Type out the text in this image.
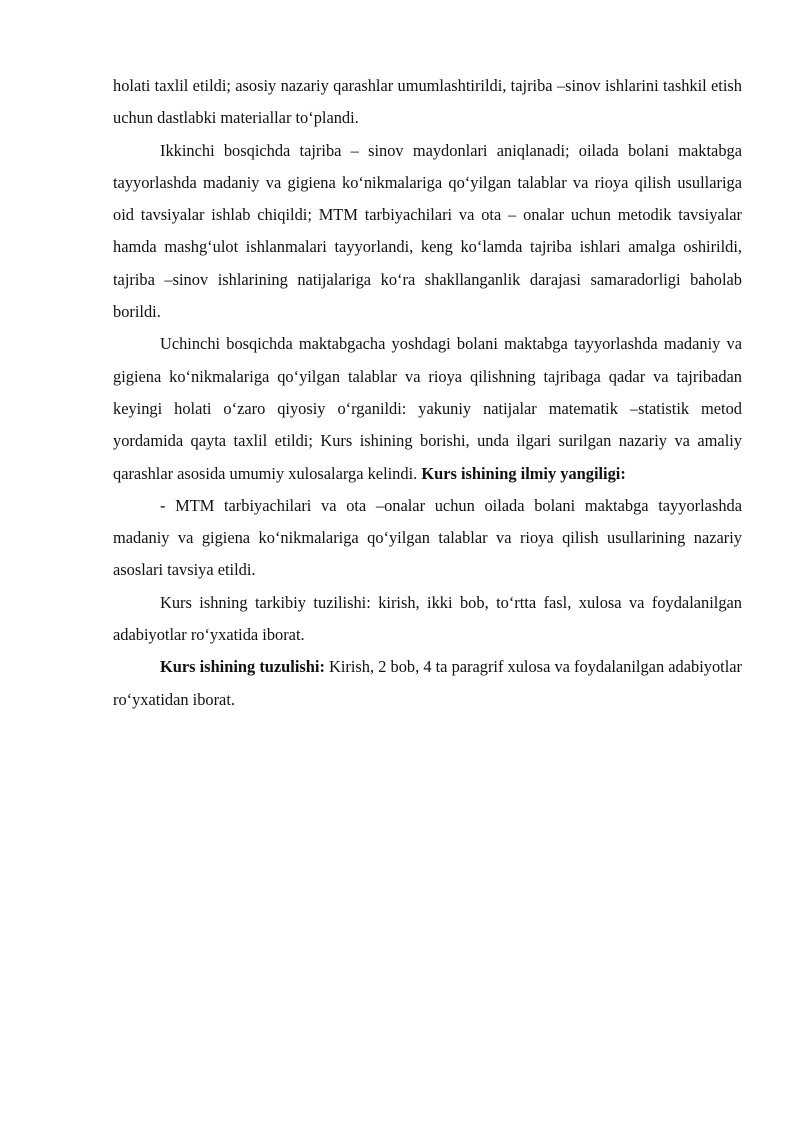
holati taxlil etildi; asosiy nazariy qarashlar umumlashtirildi, tajriba –sinov ishlarini tashkil etish uchun dastlabki materiallar to‘plandi.

Ikkinchi bosqichda tajriba – sinov maydonlari aniqlanadi; oilada bolani maktabga tayyorlashda madaniy va gigiena ko‘nikmalariga qo‘yilgan talablar va rioya qilish usullariga oid tavsiyalar ishlab chiqildi; MTM tarbiyachilari va ota – onalar uchun metodik tavsiyalar hamda mashg‘ulot ishlanmalari tayyorlandi, keng ko‘lamda tajriba ishlari amalga oshirildi, tajriba –sinov ishlarining natijalariga ko‘ra shakllanganlik darajasi samaradorligi baholab borildi.

Uchinchi bosqichda maktabgacha yoshdagi bolani maktabga tayyorlashda madaniy va gigiena ko‘nikmalariga qo‘yilgan talablar va rioya qilishning tajribaga qadar va tajribadan keyingi holati o‘zaro qiyosiy o‘rganildi: yakuniy natijalar matematik –statistik metod yordamida qayta taxlil etildi; Kurs ishining borishi, unda ilgari surilgan nazariy va amaliy qarashlar asosida umumiy xulosalarga kelindi. Kurs ishining ilmiy yangiligi:

- MTM tarbiyachilari va ota –onalar uchun oilada bolani maktabga tayyorlashda madaniy va gigiena ko‘nikmalariga qo‘yilgan talablar va rioya qilish usullarining nazariy asoslari tavsiya etildi.

Kurs ishning tarkibiy tuzilishi: kirish, ikki bob, to‘rtta fasl, xulosa va foydalanilgan adabiyotlar ro‘yxatida iborat.

Kurs ishining tuzulishi: Kirish, 2 bob, 4 ta paragrif xulosa va foydalanilgan adabiyotlar ro‘yxatidan iborat.
